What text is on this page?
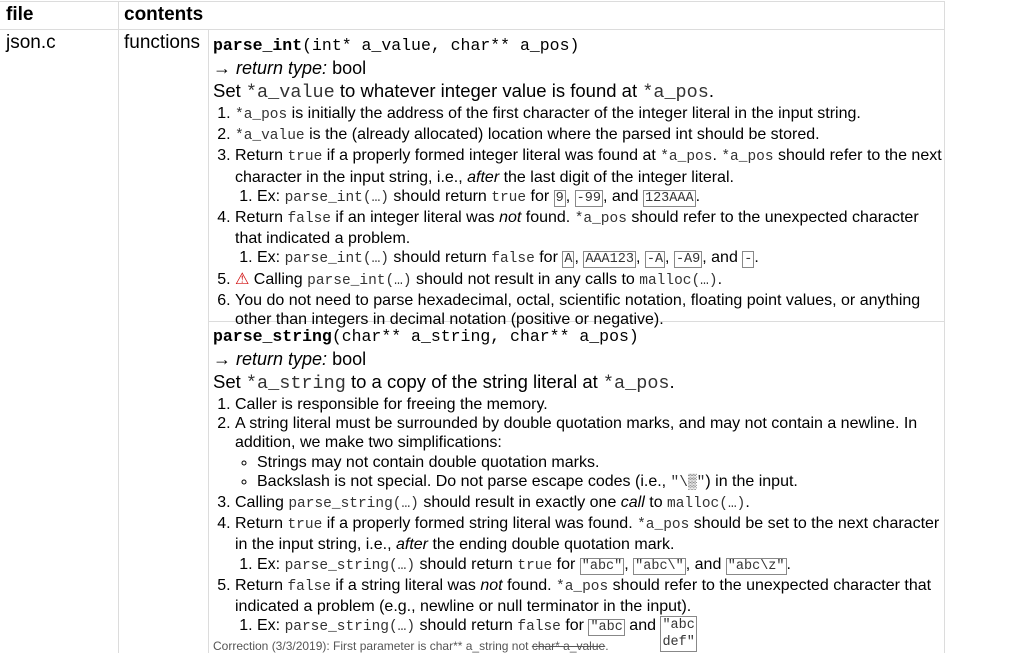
file	contents
json.c	functions parse_int(int* a_value, char** a_pos)
→ return type: bool
Set *a_value to whatever integer value is found at *a_pos.
1. *a_pos is initially the address of the first character of the integer literal in the input string.
2. *a_value is the (already allocated) location where the parsed int should be stored.
3. Return true if a properly formed integer literal was found at *a_pos. *a_pos should refer to the next character in the input string, i.e., after the last digit of the integer literal.
1. Ex: parse_int(…) should return true for 9 , -99 , and 123AAA .
4. Return false if an integer literal was not found. *a_pos should refer to the unexpected character that indicated a problem.
1. Ex: parse_int(…) should return false for A , AAA123 , -A , -A9 , and - .
5. ⚠ Calling parse_int(…) should not result in any calls to malloc(…).
6. You do not need to parse hexadecimal, octal, scientific notation, floating point values, or anything other than integers in decimal notation (positive or negative).
parse_string(char** a_string, char** a_pos)
→ return type: bool
Set *a_string to a copy of the string literal at *a_pos.
1. Caller is responsible for freeing the memory.
2. A string literal must be surrounded by double quotation marks, and may not contain a newline. In addition, we make two simplifications:
◦ Strings may not contain double quotation marks.
◦ Backslash is not special. Do not parse escape codes (i.e., "\▒") in the input.
3. Calling parse_string(…) should result in exactly one call to malloc(…).
4. Return true if a properly formed string literal was found. *a_pos should be set to the next character in the input string, i.e., after the ending double quotation mark.
1. Ex: parse_string(…) should return true for "abc" , "abc\" , and "abc\z" .
5. Return false if a string literal was not found. *a_pos should refer to the unexpected character that indicated a problem (e.g., newline or null terminator in the input).
1. Ex: parse_string(…) should return false for "abc and "abc
def"
Correction (3/3/2019): First parameter is char** a_string not char* a_value.
